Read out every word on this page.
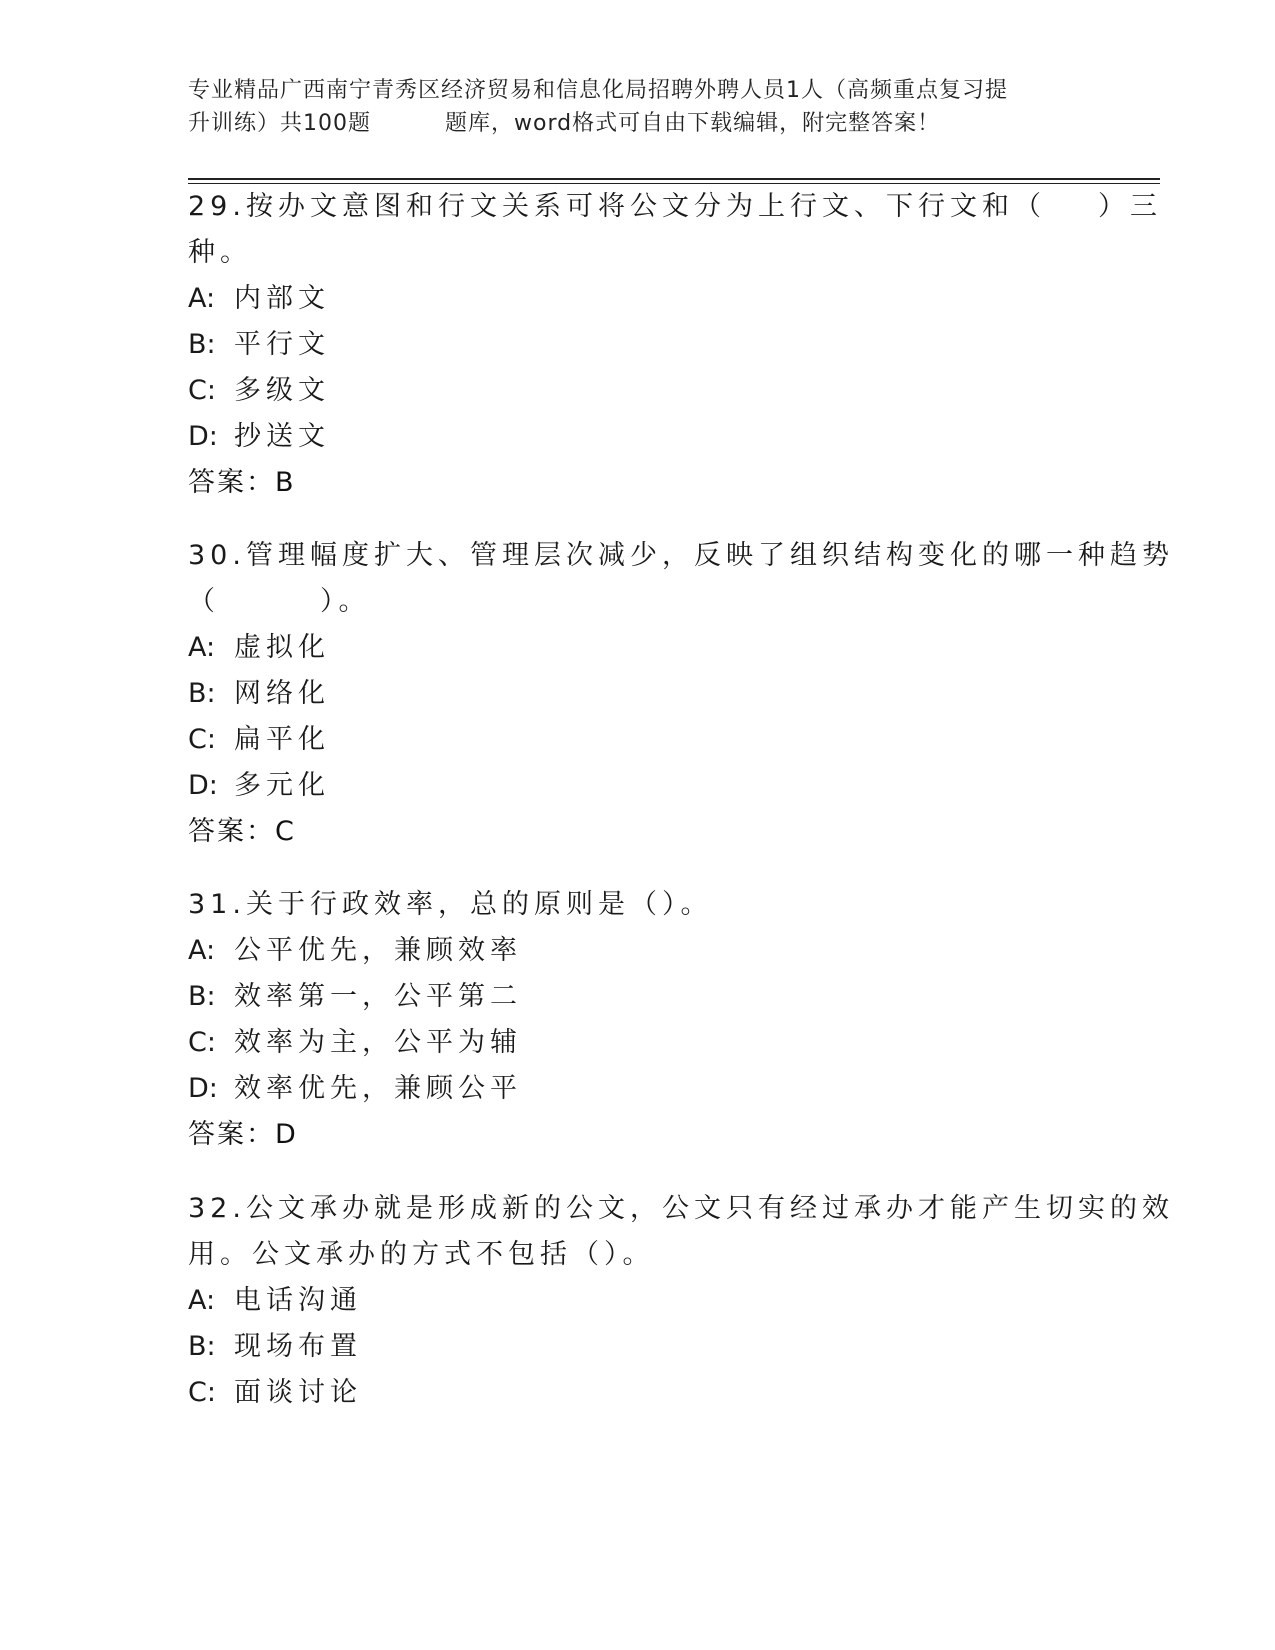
专业精品广西南宁青秀区经济贸易和信息化局招聘外聘人员1人（高频重点复习提
升训练）共100题	题库，word格式可自由下载编辑，附完整答案！
29.按办文意图和行文关系可将公文分为上行文、下行文和（ ）三
种。
A: 内部文
B: 平行文
C: 多级文
D: 抄送文
答案：B
30.管理幅度扩大、管理层次减少，反映了组织结构变化的哪一种趋势
（	）。
A: 虚拟化
B: 网络化
C: 扁平化
D: 多元化
答案：C
31.关于行政效率，总的原则是（）。
A: 公平优先，兼顾效率
B: 效率第一，公平第二
C: 效率为主，公平为辅
D: 效率优先，兼顾公平
答案：D
32.公文承办就是形成新的公文，公文只有经过承办才能产生切实的效
用。公文承办的方式不包括（）。
A: 电话沟通
B: 现场布置
C: 面谈讨论
